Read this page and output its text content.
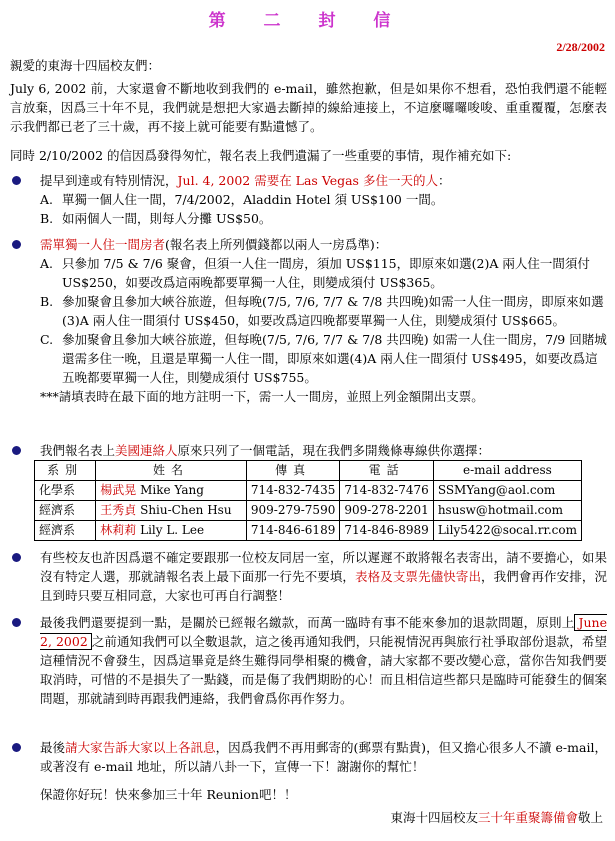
第 二 封 信
2/28/2002
親愛的東海十四屆校友們：
July 6, 2002 前，大家還會不斷地收到我們的 e-mail，雖然抱歉，但是如果你不想看，恐怕我們還不能輕言放棄，因爲三十年不見，我們就是想把大家過去斷掉的線給連接上，不這麼囉囉唆唆、重重覆覆，怎麼表示我們都已老了三十歲，再不接上就可能要有點遺憾了。
同時 2/10/2002 的信因爲發得匆忙，報名表上我們遺漏了一些重要的事情，現作補充如下:
提早到達或有特別情況，Jul. 4, 2002 需要在 Las Vegas 多住一天的人：
A. 單獨一個人住一間，7/4/2002，Aladdin Hotel 須 US$100 一間。
B. 如兩個人一間，則每人分攤 US$50。
需單獨一人住一間房者(報名表上所列價錢都以兩人一房爲準)：
A. 只參加 7/5 & 7/6 聚會，但須一人住一間房，須加 US$115，即原來如選(2)A 兩人住一間須付 US$250，如要改爲這兩晚都要單獨一人住，則變成須付 US$365。
B. 參加聚會且參加大峽谷旅遊，但每晚(7/5, 7/6, 7/7 & 7/8 共四晚)如需一人住一間房，即原來如選(3)A 兩人住一間須付 US$450，如要改爲這四晚都要單獨一人住，則變成須付 US$665。
C. 參加聚會且參加大峽谷旅遊，但每晚(7/5, 7/6, 7/7 & 7/8 共四晚) 如需一人住一間房，7/9 回賭城還需多住一晚，且還是單獨一人住一間，即原來如選(4)A 兩人住一間須付 US$495，如要改爲這五晚都要單獨一人住，則變成須付 US$755。
***請填表時在最下面的地方註明一下，需一人一間房，並照上列金額開出支票。
我們報名表上美國連絡人原來只列了一個電話，現在我們多開幾條專線供你選擇：
系別	姓名	傳真	電話	e-mail address
化學系	楊武晃 Mike Yang	714-832-7435	714-832-7476	SSMYang@aol.com
經濟系	王秀貞 Shiu-Chen Hsu	909-279-7590	909-278-2201	hsusw@hotmail.com
經濟系	林莉莉 Lily L. Lee	714-846-6189	714-846-8989	Lily5422@socal.rr.com
有些校友也許因爲還不確定要跟那一位校友同居一室，所以遲遲不敢將報名表寄出，請不要擔心，如果沒有特定人選，那就請報名表上最下面那一行先不要填，表格及支票先儘快寄出，我們會再作安排，況且到時只要互相同意，大家也可再自行調整！
最後我們還要提到一點，是關於已經報名繳款，而萬一臨時有事不能來參加的退款問題，原則上 June 2, 2002 之前通知我們可以全數退款，這之後再通知我們，只能視情況再與旅行社爭取部份退款，希望這種情況不會發生，因爲這畢竟是終生難得同學相聚的機會，請大家都不要改變心意，當你告知我們要取消時，可惜的不是損失了一點錢，而是傷了我們期盼的心！而且相信這些都只是臨時可能發生的個案問題，那就請到時再跟我們連絡，我們會爲你再作努力。
最後請大家告訴大家以上各訊息，因爲我們不再用郵寄的(郵票有點貴)，但又擔心很多人不讀 e-mail，或著沒有 e-mail 地址，所以請八卦一下，宣傳一下！謝謝你的幫忙！
保證你好玩！快來參加三十年 Reunion吧！！
東海十四屆校友三十年重聚籌備會敬上
